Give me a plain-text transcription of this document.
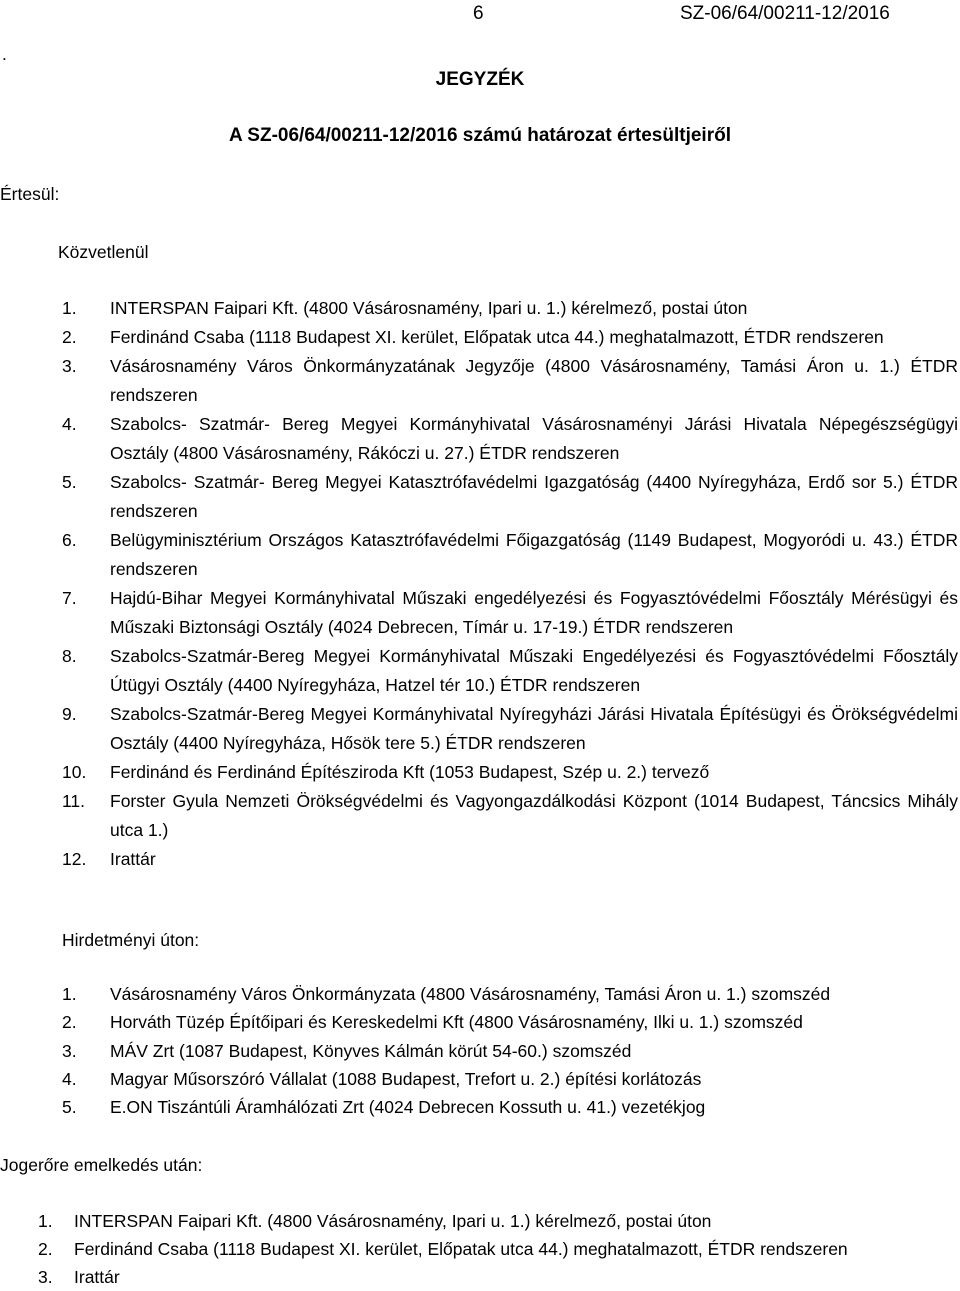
6	SZ-06/64/00211-12/2016
.
JEGYZÉK
A SZ-06/64/00211-12/2016 számú határozat értesültjeiről
Értesül:
Közvetlenül
1. INTERSPAN Faipari Kft. (4800 Vásárosnamény, Ipari u. 1.) kérelmező, postai úton
2. Ferdinánd Csaba (1118 Budapest XI. kerület, Előpatak utca 44.) meghatalmazott, ÉTDR rendszeren
3. Vásárosnamény Város Önkormányzatának Jegyzője (4800 Vásárosnamény, Tamási Áron u. 1.) ÉTDR rendszeren
4. Szabolcs- Szatmár- Bereg Megyei Kormányhivatal Vásárosnaményi Járási Hivatala Népegészségügyi Osztály (4800 Vásárosnamény, Rákóczi u. 27.) ÉTDR rendszeren
5. Szabolcs- Szatmár- Bereg Megyei Katasztrófavédelmi Igazgatóság (4400 Nyíregyháza, Erdő sor 5.) ÉTDR rendszeren
6. Belügyminisztérium Országos Katasztrófavédelmi Főigazgatóság (1149 Budapest, Mogyoródi u. 43.) ÉTDR rendszeren
7. Hajdú-Bihar Megyei Kormányhivatal Műszaki engedélyezési és Fogyasztóvédelmi Főosztály Mérésügyi és Műszaki Biztonsági Osztály (4024 Debrecen, Tímár u. 17-19.) ÉTDR rendszeren
8. Szabolcs-Szatmár-Bereg Megyei Kormányhivatal Műszaki Engedélyezési és Fogyasztóvédelmi Főosztály Útügyi Osztály (4400 Nyíregyháza, Hatzel tér 10.) ÉTDR rendszeren
9. Szabolcs-Szatmár-Bereg Megyei Kormányhivatal Nyíregyházi Járási Hivatala Építésügyi és Örökségvédelmi Osztály (4400 Nyíregyháza, Hősök tere 5.) ÉTDR rendszeren
10. Ferdinánd és Ferdinánd Építésziroda Kft (1053 Budapest, Szép u. 2.) tervező
11. Forster Gyula Nemzeti Örökségvédelmi és Vagyongazdálkodási Központ (1014 Budapest, Táncsics Mihály utca 1.)
12. Irattár
Hirdetményi úton:
1. Vásárosnamény Város Önkormányzata (4800 Vásárosnamény, Tamási Áron u. 1.) szomszéd
2. Horváth Tüzép Építőipari és Kereskedelmi Kft (4800 Vásárosnamény, Ilki u. 1.) szomszéd
3. MÁV Zrt (1087 Budapest, Könyves Kálmán körút 54-60.) szomszéd
4. Magyar Műsorszóró Vállalat (1088 Budapest, Trefort u. 2.) építési korlátozás
5. E.ON Tiszántúli Áramhálózati Zrt (4024 Debrecen Kossuth u. 41.) vezetékjog
Jogerőre emelkedés után:
1. INTERSPAN Faipari Kft. (4800 Vásárosnamény, Ipari u. 1.) kérelmező, postai úton
2. Ferdinánd Csaba (1118 Budapest XI. kerület, Előpatak utca 44.) meghatalmazott, ÉTDR rendszeren
3. Irattár
